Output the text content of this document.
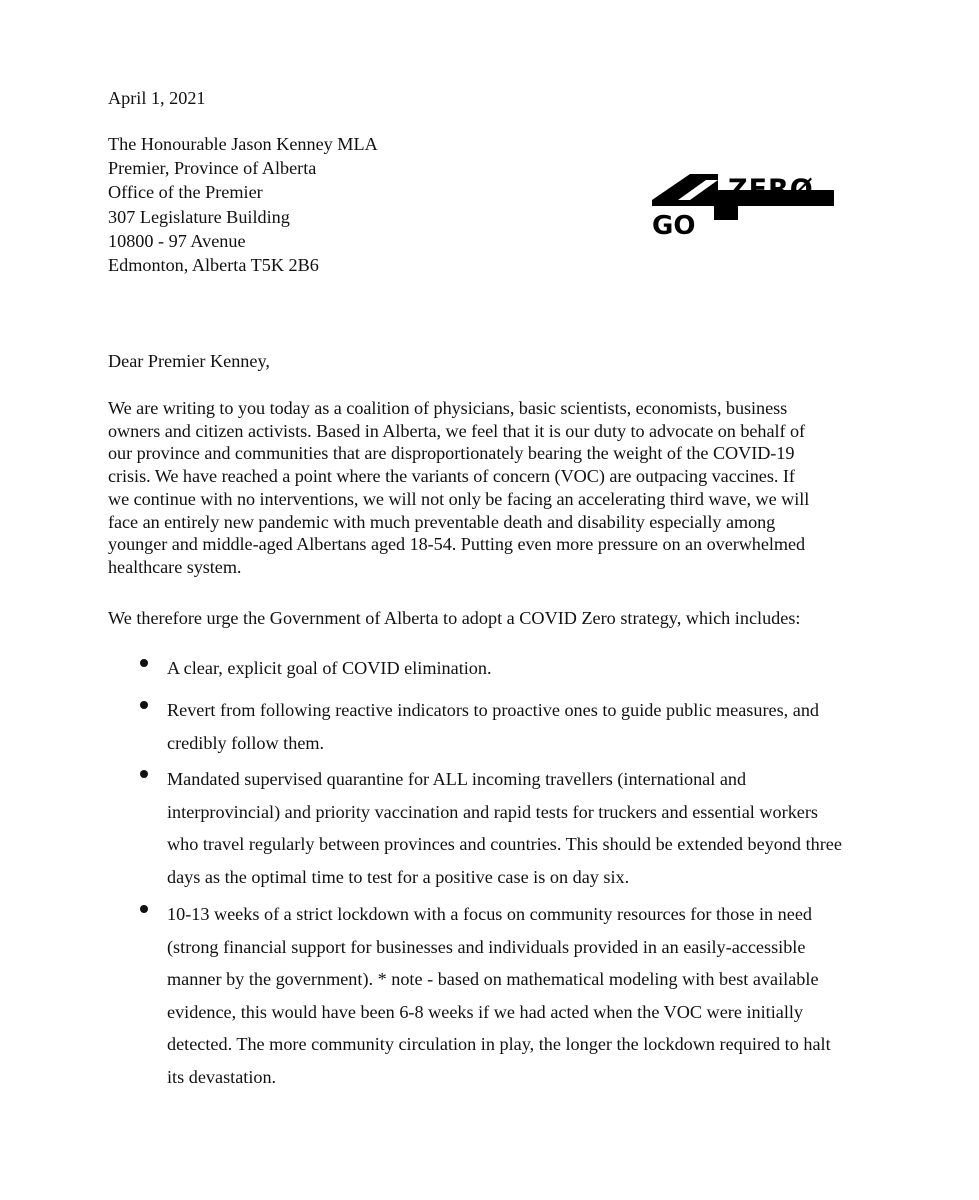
April 1, 2021
The Honourable Jason Kenney MLA
Premier, Province of Alberta
Office of the Premier
307 Legislature Building
10800 - 97 Avenue
Edmonton, Alberta T5K 2B6
ZERØ
GO
Dear Premier Kenney,
We are writing to you today as a coalition of physicians, basic scientists, economists, business
owners and citizen activists. Based in Alberta, we feel that it is our duty to advocate on behalf of
our province and communities that are disproportionately bearing the weight of the COVID-19
crisis. We have reached a point where the variants of concern (VOC) are outpacing vaccines. If
we continue with no interventions, we will not only be facing an accelerating third wave, we will
face an entirely new pandemic with much preventable death and disability especially among
younger and middle-aged Albertans aged 18-54. Putting even more pressure on an overwhelmed
healthcare system.
We therefore urge the Government of Alberta to adopt a COVID Zero strategy, which includes:
A clear, explicit goal of COVID elimination.
Revert from following reactive indicators to proactive ones to guide public measures, and
credibly follow them.
Mandated supervised quarantine for ALL incoming travellers (international and
interprovincial) and priority vaccination and rapid tests for truckers and essential workers
who travel regularly between provinces and countries. This should be extended beyond three
days as the optimal time to test for a positive case is on day six.
10-13 weeks of a strict lockdown with a focus on community resources for those in need
(strong financial support for businesses and individuals provided in an easily-accessible
manner by the government). * note - based on mathematical modeling with best available
evidence, this would have been 6-8 weeks if we had acted when the VOC were initially
detected. The more community circulation in play, the longer the lockdown required to halt
its devastation.
